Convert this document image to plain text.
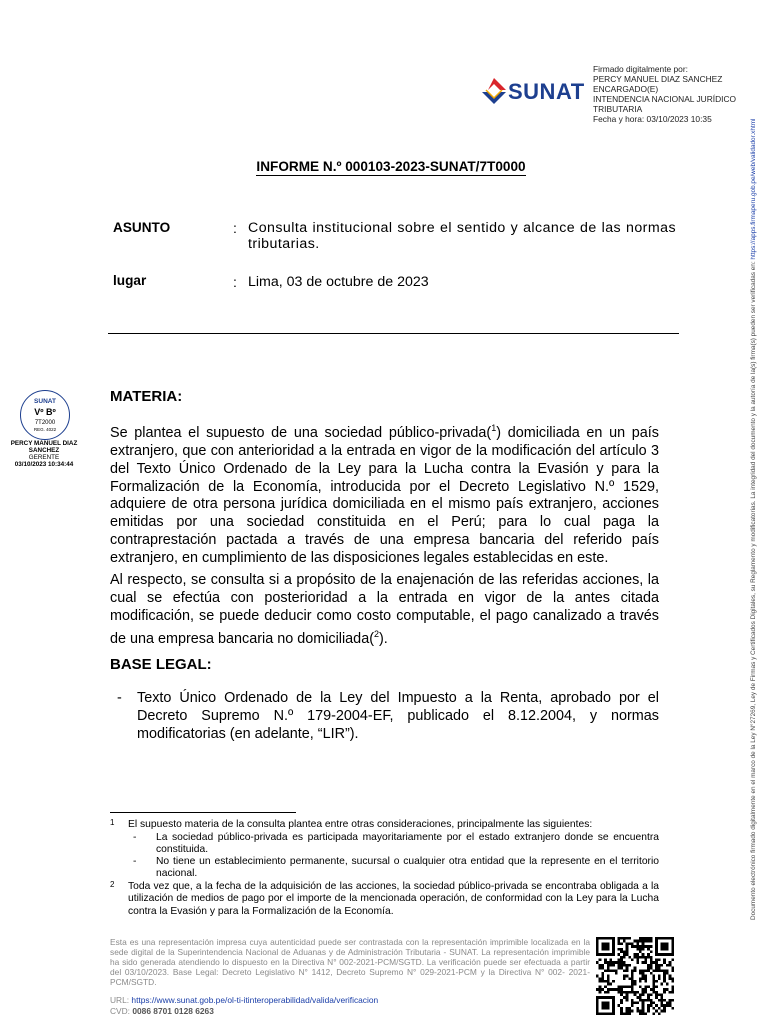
SUNAT
Firmado digitalmente por:
PERCY MANUEL DIAZ SANCHEZ
ENCARGADO(E)
INTENDENCIA NACIONAL JURÍDICO
TRIBUTARIA
Fecha y hora: 03/10/2023 10:35
Documento electrónico firmado digitalmente en el marco de la Ley N°27269, Ley de Firmas y Certificados Digitales, su Reglamento y modificatorias. La integridad del documento y la autoría de la(s) firma(s) pueden ser verificadas en: https://apps.firmaperu.gob.pe/web/validador.xhtml
INFORME N.º 000103-2023-SUNAT/7T0000
ASUNTO	: Consulta institucional sobre el sentido y alcance de las normas tributarias.
lugar	: Lima, 03 de octubre de 2023
SUNAT
Vº Bº
7T2000
REG. 4022
PERCY MANUEL DIAZ
SANCHEZ
GERENTE
03/10/2023 10:34:44
MATERIA:
Se plantea el supuesto de una sociedad público-privada($^1$) domiciliada en un país extranjero, que con anterioridad a la entrada en vigor de la modificación del artículo 3 del Texto Único Ordenado de la Ley para la Lucha contra la Evasión y para la Formalización de la Economía, introducida por el Decreto Legislativo N.º 1529, adquiere de otra persona jurídica domiciliada en el mismo país extranjero, acciones emitidas por una sociedad constituida en el Perú; para lo cual paga la contraprestación pactada a través de una empresa bancaria del referido país extranjero, en cumplimiento de las disposiciones legales establecidas en este.
Al respecto, se consulta si a propósito de la enajenación de las referidas acciones, la cual se efectúa con posterioridad a la entrada en vigor de la antes citada modificación, se puede deducir como costo computable, el pago canalizado a través de una empresa bancaria no domiciliada($^2$).
BASE LEGAL:
- Texto Único Ordenado de la Ley del Impuesto a la Renta, aprobado por el Decreto Supremo N.º 179-2004-EF, publicado el 8.12.2004, y normas modificatorias (en adelante, “LIR”).
1 El supuesto materia de la consulta plantea entre otras consideraciones, principalmente las siguientes:
- La sociedad público-privada es participada mayoritariamente por el estado extranjero donde se encuentra constituida.
- No tiene un establecimiento permanente, sucursal o cualquier otra entidad que la represente en el territorio nacional.
2 Toda vez que, a la fecha de la adquisición de las acciones, la sociedad público-privada se encontraba obligada a la utilización de medios de pago por el importe de la mencionada operación, de conformidad con la Ley para la Lucha contra la Evasión y para la Formalización de la Economía.
Esta es una representación impresa cuya autenticidad puede ser contrastada con la representación imprimible localizada en la sede digital de la Superintendencia Nacional de Aduanas y de Administración Tributaria - SUNAT. La representación imprimible ha sido generada atendiendo lo dispuesto en la Directiva N° 002-2021-PCM/SGTD. La verificación puede ser efectuada a partir del 03/10/2023. Base Legal: Decreto Legislativo N° 1412, Decreto Supremo N° 029-2021-PCM y la Directiva N° 002- 2021-PCM/SGTD.
URL: https://www.sunat.gob.pe/ol-ti-itinteroperabilidad/valida/verificacion
CVD: 0086 8701 0128 6263
